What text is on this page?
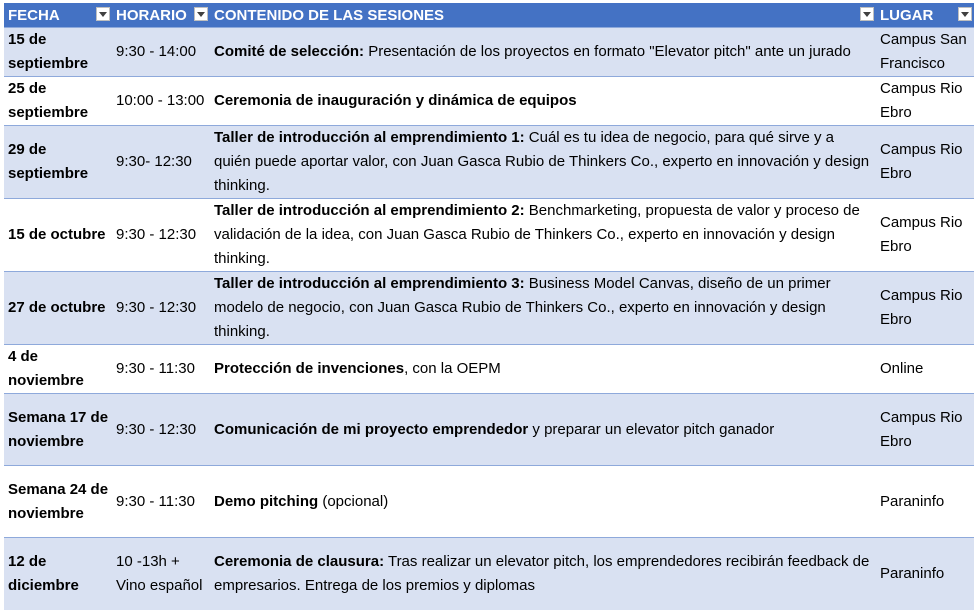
FECHA	HORARIO	CONTENIDO DE LAS SESIONES	LUGAR

15 de septiembre	9:30 - 14:00	Comité de selección: Presentación de los proyectos en formato "Elevator pitch" ante un jurado	Campus San Francisco
25 de septiembre	10:00 - 13:00	Ceremonia de inauguración y dinámica de equipos	Campus Rio Ebro
29 de septiembre	9:30- 12:30	Taller de introducción al emprendimiento 1: Cuál es tu idea de negocio, para qué sirve y a quién puede aportar valor, con Juan Gasca Rubio de Thinkers Co., experto en innovación y design thinking.	Campus Rio Ebro
15 de octubre	9:30 - 12:30	Taller de introducción al emprendimiento 2: Benchmarketing, propuesta de valor y proceso de validación de la idea, con Juan Gasca Rubio de Thinkers Co., experto en innovación y design thinking.	Campus Rio Ebro
27 de octubre	9:30 - 12:30	Taller de introducción al emprendimiento 3: Business Model Canvas, diseño de un primer modelo de negocio, con Juan Gasca Rubio de Thinkers Co., experto en innovación y design thinking.	Campus Rio Ebro
4 de noviembre	9:30 - 11:30	Protección de invenciones, con la OEPM	Online
Semana 17 de noviembre	9:30 - 12:30	Comunicación de mi proyecto emprendedor y preparar un elevator pitch ganador	Campus Rio Ebro
Semana 24 de noviembre	9:30 - 11:30	Demo pitching (opcional)	Paraninfo
12 de diciembre	10 -13h + Vino español	Ceremonia de clausura: Tras realizar un elevator pitch, los emprendedores recibirán feedback de empresarios. Entrega de los premios y diplomas	Paraninfo
